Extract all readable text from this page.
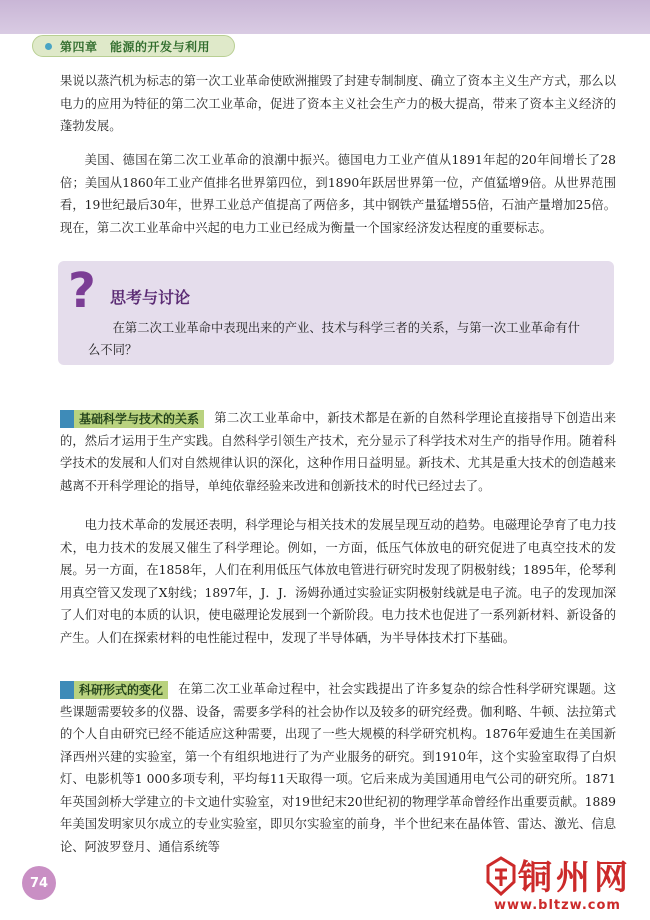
第四章　能源的开发与利用

果说以蒸汽机为标志的第一次工业革命使欧洲摧毁了封建专制制度、确立了资本主义生产方式，那么以电力的应用为特征的第二次工业革命，促进了资本主义社会生产力的极大提高，带来了资本主义经济的蓬勃发展。

美国、德国在第二次工业革命的浪潮中振兴。德国电力工业产值从1891年起的20年间增长了28倍；美国从1860年工业产值排名世界第四位，到1890年跃居世界第一位，产值猛增9倍。从世界范围看，19世纪最后30年，世界工业总产值提高了两倍多，其中钢铁产量猛增55倍，石油产量增加25倍。现在，第二次工业革命中兴起的电力工业已经成为衡量一个国家经济发达程度的重要标志。

? 思考与讨论

在第二次工业革命中表现出来的产业、技术与科学三者的关系，与第一次工业革命有什么不同？

基础科学与技术的关系 第二次工业革命中，新技术都是在新的自然科学理论直接指导下创造出来的，然后才运用于生产实践。自然科学引领生产技术，充分显示了科学技术对生产的指导作用。随着科学技术的发展和人们对自然规律认识的深化，这种作用日益明显。新技术、尤其是重大技术的创造越来越离不开科学理论的指导，单纯依靠经验来改进和创新技术的时代已经过去了。

电力技术革命的发展还表明，科学理论与相关技术的发展呈现互动的趋势。电磁理论孕育了电力技术，电力技术的发展又催生了科学理论。例如，一方面，低压气体放电的研究促进了电真空技术的发展。另一方面，在1858年，人们在利用低压气体放电管进行研究时发现了阴极射线；1895年，伦琴利用真空管又发现了X射线；1897年，J．J．汤姆孙通过实验证实阴极射线就是电子流。电子的发现加深了人们对电的本质的认识，使电磁理论发展到一个新阶段。电力技术也促进了一系列新材料、新设备的产生。人们在探索材料的电性能过程中，发现了半导体硒，为半导体技术打下基础。

科研形式的变化 在第二次工业革命过程中，社会实践提出了许多复杂的综合性科学研究课题。这些课题需要较多的仪器、设备，需要多学科的社会协作以及较多的研究经费。伽利略、牛顿、法拉第式的个人自由研究已经不能适应这种需要，出现了一些大规模的科学研究机构。1876年爱迪生在美国新泽西州兴建的实验室，第一个有组织地进行了为产业服务的研究。到1910年，这个实验室取得了白炽灯、电影机等1 000多项专利，平均每11天取得一项。它后来成为美国通用电气公司的研究所。1871年英国剑桥大学建立的卡文迪什实验室，对19世纪末20世纪初的物理学革命曾经作出重要贡献。1889年美国发明家贝尔成立的专业实验室，即贝尔实验室的前身，半个世纪来在晶体管、雷达、激光、信息论、阿波罗登月、通信系统等

74	铜州网
www.bltzw.com
